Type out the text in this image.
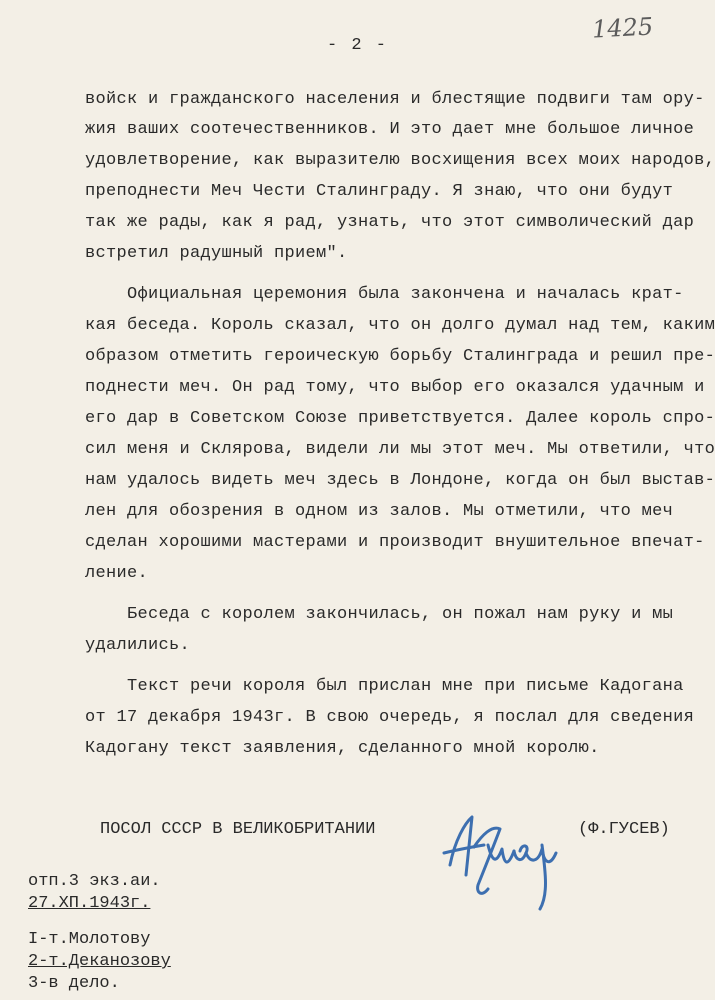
- 2 -
1425
войск и гражданского населения и блестящие подвиги там ору-
жия ваших соотечественников. И это дает мне большое личное
удовлетворение, как выразителю восхищения всех моих народов,
преподнести Меч Чести Сталинграду. Я знаю, что они будут
так же рады, как я рад, узнать, что этот символический дар
встретил радушный прием".
Официальная церемония была закончена и началась крат-
кая беседа. Король сказал, что он долго думал над тем, каким
образом отметить героическую борьбу Сталинграда и решил пре-
поднести меч. Он рад тому, что выбор его оказался удачным и
его дар в Советском Союзе приветствуется. Далее король спро-
сил меня и Склярова, видели ли мы этот меч. Мы ответили, что
нам удалось видеть меч здесь в Лондоне, когда он был выстав-
лен для обозрения в одном из залов. Мы отметили, что меч
сделан хорошими мастерами и производит внушительное впечат-
ление.
Беседа с королем закончилась, он пожал нам руку и мы
удалились.
Текст речи короля был прислан мне при письме Кадогана
от 17 декабря 1943г. В свою очередь, я послал для сведения
Кадогану текст заявления, сделанного мной королю.
ПОСОЛ СССР В ВЕЛИКОБРИТАНИИ	(Ф.ГУСЕВ)
отп.3 экз.аи.
27.XП.1943г.
I-т.Молотову
2-т.Деканозову
3-в дело.
